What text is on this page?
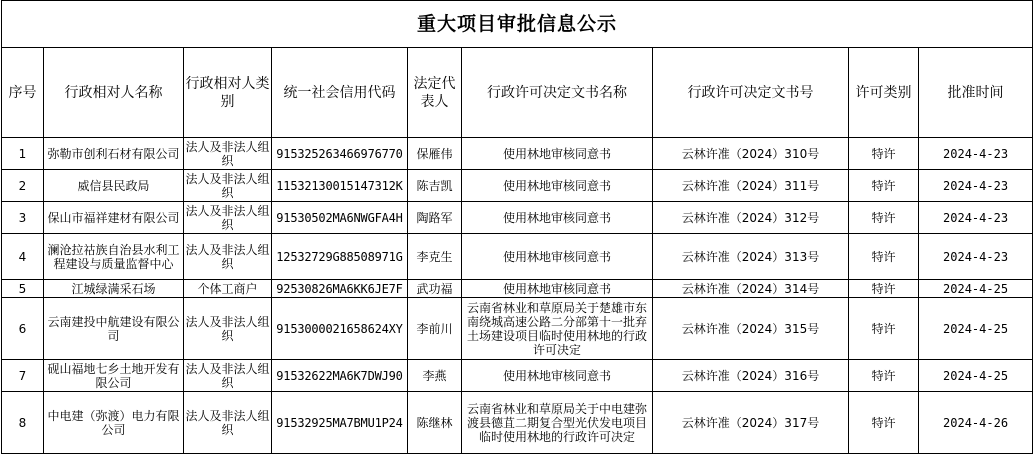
重大项目审批信息公示								
序号	行政相对人名称	行政相对人类别	统一社会信用代码	法定代表人	行政许可决定文书名称	行政许可决定文书号	许可类别	批准时间
1	弥勒市创利石材有限公司	法人及非法人组织	915325263466976770	保雁伟	使用林地审核同意书	云林许准（2024）310号	特许	2024-4-23
2	威信县民政局	法人及非法人组织	11532130015147312K	陈吉凯	使用林地审核同意书	云林许准（2024）311号	特许	2024-4-23
3	保山市福祥建材有限公司	法人及非法人组织	91530502MA6NWGFA4H	陶路军	使用林地审核同意书	云林许准（2024）312号	特许	2024-4-23
4	澜沧拉祜族自治县水利工程建设与质量监督中心	法人及非法人组织	12532729G88508971G	李克生	使用林地审核同意书	云林许准（2024）313号	特许	2024-4-23
5	江城绿满采石场	个体工商户	92530826MA6KK6JE7F	武功福	使用林地审核同意书	云林许准（2024）314号	特许	2024-4-25
6	云南建投中航建设有限公司	法人及非法人组织	9153000021658624XY	李前川	云南省林业和草原局关于楚雄市东南绕城高速公路二分部第十一批弃土场建设项目临时使用林地的行政许可决定	云林许准（2024）315号	特许	2024-4-25
7	砚山福地七乡土地开发有限公司	法人及非法人组织	91532622MA6K7DWJ90	李燕	使用林地审核同意书	云林许准（2024）316号	特许	2024-4-25
8	中电建（弥渡）电力有限公司	法人及非法人组织	91532925MA7BMU1P24	陈继林	云南省林业和草原局关于中电建弥渡县德苴二期复合型光伏发电项目临时使用林地的行政许可决定	云林许准（2024）317号	特许	2024-4-26
